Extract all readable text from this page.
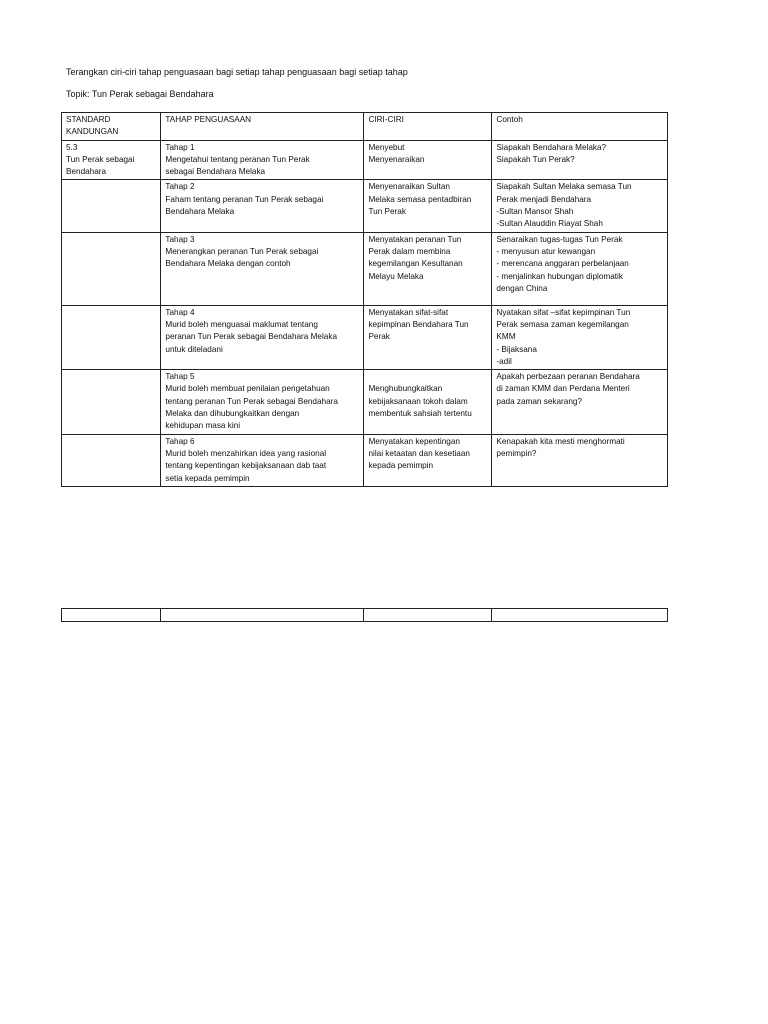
Terangkan ciri-ciri tahap penguasaan bagi setiap tahap penguasaan bagi setiap tahap
Topik: Tun Perak sebagai Bendahara
STANDARD
KANDUNGAN	TAHAP PENGUASAAN	CIRI-CIRI	Contoh

5.3
Tun Perak sebagai
Bendahara	Tahap 1
Mengetahui tentang peranan Tun Perak
sebagai Bendahara Melaka	Menyebut
Menyenaraikan	Siapakah Bendahara Melaka?
Siapakah Tun Perak?

	Tahap 2
Faham tentang peranan Tun Perak sebagai
Bendahara Melaka	Menyenaraikan Sultan
Melaka semasa pentadbiran
Tun Perak	Siapakah Sultan Melaka semasa Tun
Perak menjadi Bendahara
-Sultan Mansor Shah
-Sultan Alauddin Riayat Shah

	Tahap 3
Menerangkan peranan Tun Perak sebagai
Bendahara Melaka dengan contoh	Menyatakan peranan Tun
Perak dalam membina
kegemilangan Kesultanan
Melayu Melaka	Senaraikan tugas-tugas Tun Perak
- menyusun atur kewangan
- merencana anggaran perbelanjaan
- menjalinkan hubungan diplomatik
dengan China

	Tahap 4
Murid boleh menguasai maklumat tentang
peranan Tun Perak sebagai Bendahara Melaka
untuk diteladani	Menyatakan sifat-sifat
kepimpinan Bendahara Tun
Perak	Nyatakan sifat –sifat kepimpinan Tun
Perak semasa zaman kegemilangan
KMM
- Bijaksana
-adil

	Tahap 5
Murid boleh membuat penilaian pengetahuan
tentang peranan Tun Perak sebagai Bendahara
Melaka dan dihubungkaitkan dengan
kehidupan masa kini	Menghubungkaitkan
kebijaksanaan tokoh dalam
membentuk sahsiah tertentu	Apakah perbezaan peranan Bendahara
di zaman KMM dan Perdana Menteri
pada zaman sekarang?

	Tahap 6
Murid boleh menzahirkan idea yang rasional
tentang kepentingan kebijaksanaan dab taat
setia kepada pemimpin	Menyatakan kepentingan
nilai ketaatan dan kesetiaan
kepada pemimpin	Kenapakah kita mesti menghormati
pemimpin?
